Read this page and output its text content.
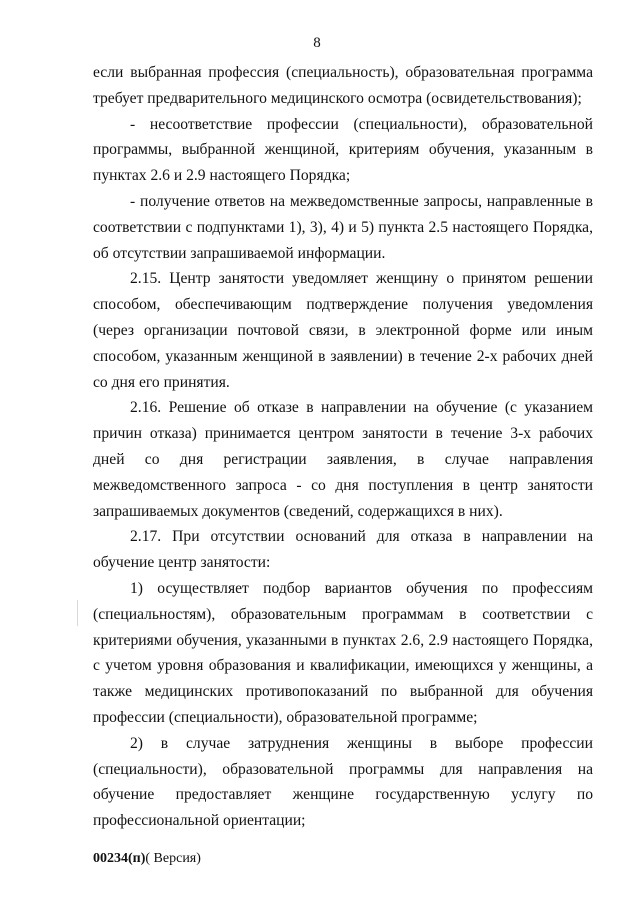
8

если выбранная профессия (специальность), образовательная программа требует предварительного медицинского осмотра (освидетельствования);

- несоответствие профессии (специальности), образовательной программы, выбранной женщиной, критериям обучения, указанным в пунктах 2.6 и 2.9 настоящего Порядка;

- получение ответов на межведомственные запросы, направленные в соответствии с подпунктами 1), 3), 4) и 5) пункта 2.5 настоящего Порядка, об отсутствии запрашиваемой информации.

2.15. Центр занятости уведомляет женщину о принятом решении способом, обеспечивающим подтверждение получения уведомления (через организации почтовой связи, в электронной форме или иным способом, указанным женщиной в заявлении) в течение 2-х рабочих дней со дня его принятия.

2.16. Решение об отказе в направлении на обучение (с указанием причин отказа) принимается центром занятости в течение 3-х рабочих дней со дня регистрации заявления, в случае направления межведомственного запроса - со дня поступления в центр занятости запрашиваемых документов (сведений, содержащихся в них).

2.17. При отсутствии оснований для отказа в направлении на обучение центр занятости:

1) осуществляет подбор вариантов обучения по профессиям (специальностям), образовательным программам в соответствии с критериями обучения, указанными в пунктах 2.6, 2.9 настоящего Порядка, с учетом уровня образования и квалификации, имеющихся у женщины, а также медицинских противопоказаний по выбранной для обучения профессии (специальности), образовательной программе;

2) в случае затруднения женщины в выборе профессии (специальности), образовательной программы для направления на обучение предоставляет женщине государственную услугу по профессиональной ориентации;

00234(п)( Версия)
